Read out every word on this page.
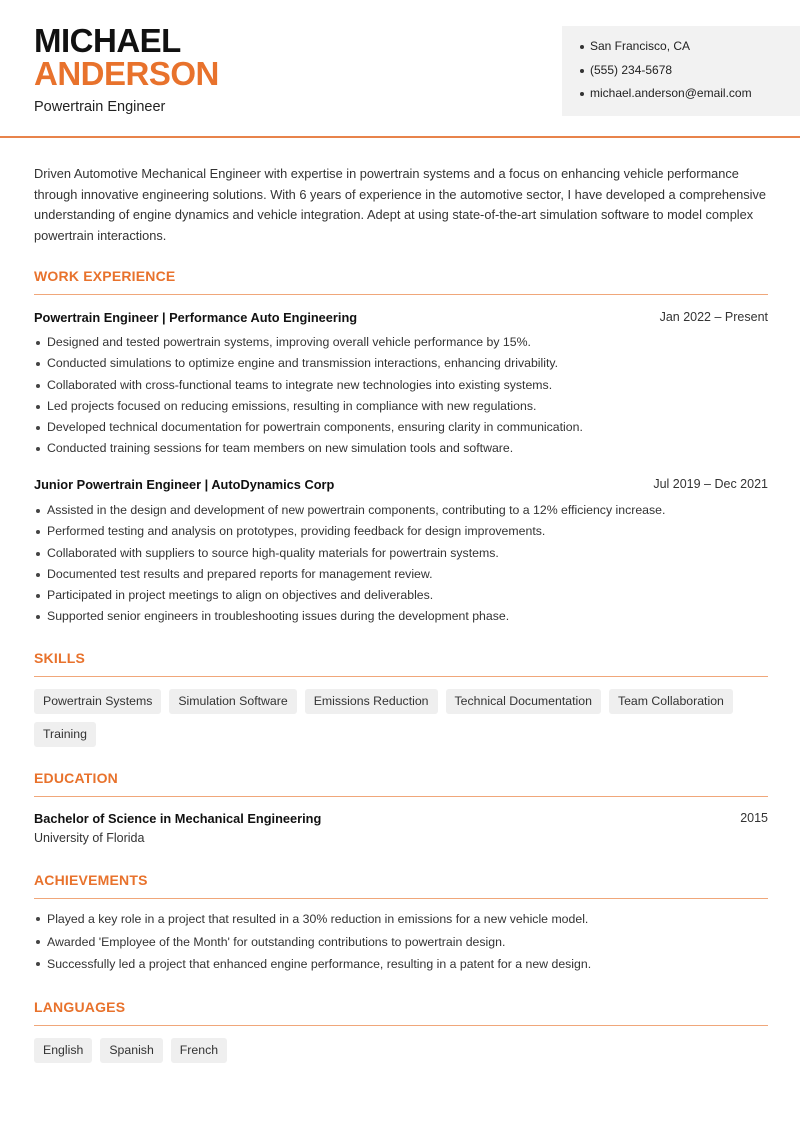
MICHAEL
ANDERSON
Powertrain Engineer
San Francisco, CA
(555) 234-5678
michael.anderson@email.com

Driven Automotive Mechanical Engineer with expertise in powertrain systems and a focus on enhancing vehicle performance through innovative engineering solutions. With 6 years of experience in the automotive sector, I have developed a comprehensive understanding of engine dynamics and vehicle integration. Adept at using state-of-the-art simulation software to model complex powertrain interactions.

WORK EXPERIENCE
Powertrain Engineer | Performance Auto Engineering	Jan 2022 – Present
Designed and tested powertrain systems, improving overall vehicle performance by 15%.
Conducted simulations to optimize engine and transmission interactions, enhancing drivability.
Collaborated with cross-functional teams to integrate new technologies into existing systems.
Led projects focused on reducing emissions, resulting in compliance with new regulations.
Developed technical documentation for powertrain components, ensuring clarity in communication.
Conducted training sessions for team members on new simulation tools and software.
Junior Powertrain Engineer | AutoDynamics Corp	Jul 2019 – Dec 2021
Assisted in the design and development of new powertrain components, contributing to a 12% efficiency increase.
Performed testing and analysis on prototypes, providing feedback for design improvements.
Collaborated with suppliers to source high-quality materials for powertrain systems.
Documented test results and prepared reports for management review.
Participated in project meetings to align on objectives and deliverables.
Supported senior engineers in troubleshooting issues during the development phase.
SKILLS
Powertrain Systems	Simulation Software	Emissions Reduction	Technical Documentation	Team Collaboration
Training
EDUCATION
Bachelor of Science in Mechanical Engineering	2015
University of Florida
ACHIEVEMENTS
Played a key role in a project that resulted in a 30% reduction in emissions for a new vehicle model.
Awarded 'Employee of the Month' for outstanding contributions to powertrain design.
Successfully led a project that enhanced engine performance, resulting in a patent for a new design.
LANGUAGES
English	Spanish	French
